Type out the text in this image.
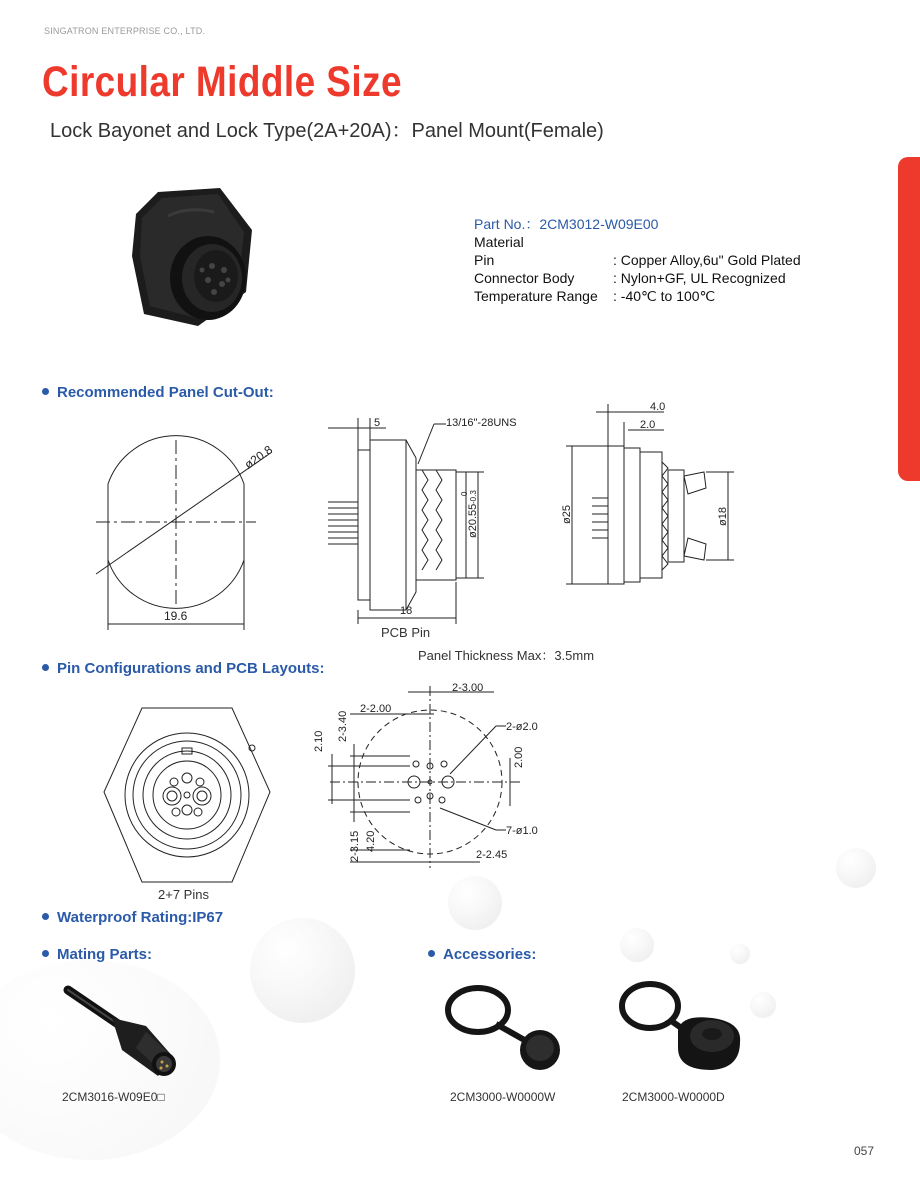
SINGATRON ENTERPRISE CO., LTD.
Circular Middle Size
Lock Bayonet and Lock Type(2A+20A)：Panel Mount(Female)
Part No.：2CM3012-W09E00
Material
Pin	: Copper Alloy,6u" Gold Plated
Connector Body	: Nylon+GF, UL Recognized
Temperature Range : -40℃ to 100℃
Recommended Panel Cut-Out:
Pin Configurations and PCB Layouts:
Waterproof Rating:IP67
Mating Parts:	Accessories:
ø20.8
19.6
5	13/16"-28UNS
ø20.55
0 -0.3
18
PCB Pin
Panel Thickness Max：3.5mm
4.0
2.0
ø25	ø18
2+7 Pins
2-3.00
2-2.00
2-ø2.0
2.00
2.10 2-3.40
7-ø1.0
2-2.45
2-3.15 4.20
2CM3016-W09E0□	2CM3000-W0000W	2CM3000-W0000D
057
